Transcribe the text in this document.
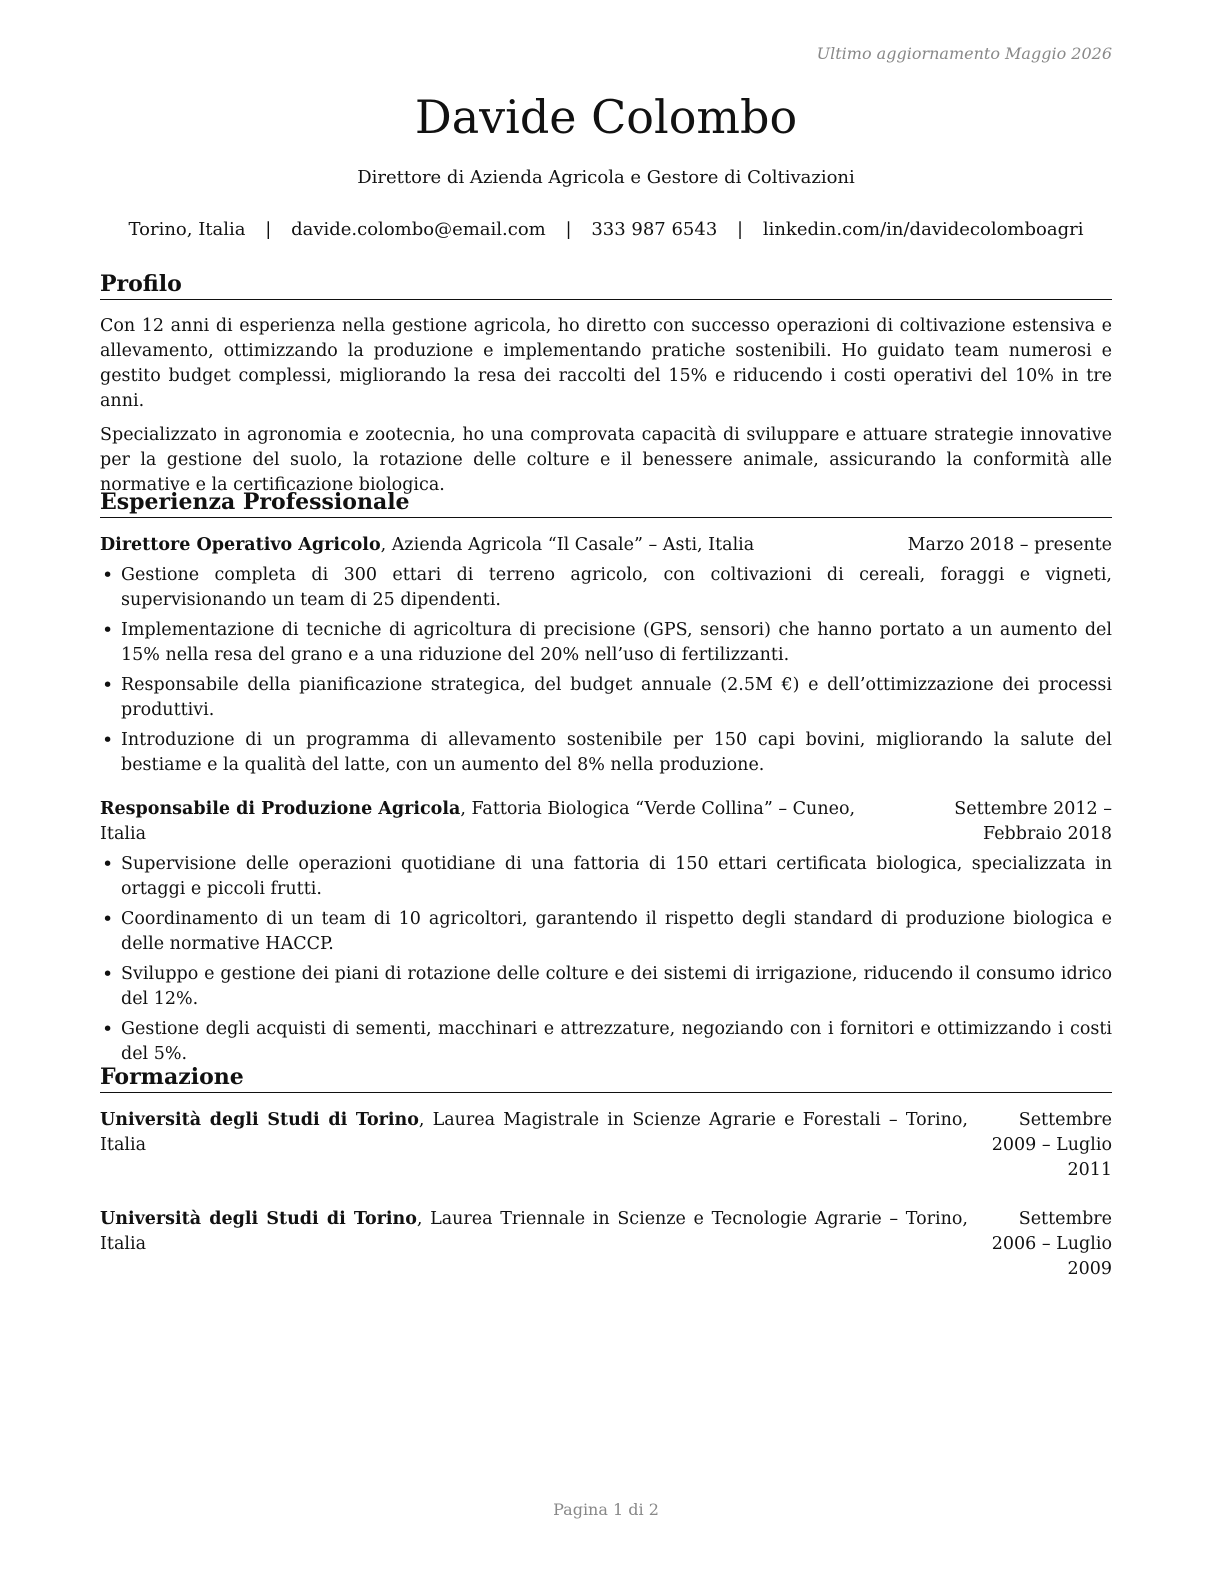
Ultimo aggiornamento Maggio 2026
Davide Colombo
Direttore di Azienda Agricola e Gestore di Coltivazioni
Torino, Italia | davide.colombo@email.com | 333 987 6543 | linkedin.com/in/davidecolomboagri
Profilo

Con 12 anni di esperienza nella gestione agricola, ho diretto con successo operazioni di coltivazione estensiva e allevamento, ottimizzando la produzione e implementando pratiche sostenibili. Ho guidato team numerosi e gestito budget complessi, migliorando la resa dei raccolti del 15% e riducendo i costi operativi del 10% in tre anni.

Specializzato in agronomia e zootecnia, ho una comprovata capacità di sviluppare e attuare strategie innovative per la gestione del suolo, la rotazione delle colture e il benessere animale, assicurando la conformità alle normative e la certificazione biologica.

Esperienza Professionale
Direttore Operativo Agricolo, Azienda Agricola “Il Casale” – Asti, Italia	Marzo 2018 – presente
• Gestione completa di 300 ettari di terreno agricolo, con coltivazioni di cereali, foraggi e vigneti, supervisionando un team di 25 dipendenti.
• Implementazione di tecniche di agricoltura di precisione (GPS, sensori) che hanno portato a un aumento del 15% nella resa del grano e a una riduzione del 20% nell’uso di fertilizzanti.
• Responsabile della pianificazione strategica, del budget annuale (2.5M €) e dell’ottimizzazione dei processi produttivi.
• Introduzione di un programma di allevamento sostenibile per 150 capi bovini, migliorando la salute del bestiame e la qualità del latte, con un aumento del 8% nella produzione.
Responsabile di Produzione Agricola, Fattoria Biologica “Verde Collina” – Cuneo, Italia
Settembre 2012 – Febbraio 2018
• Supervisione delle operazioni quotidiane di una fattoria di 150 ettari certificata biologica, specializzata in ortaggi e piccoli frutti.
• Coordinamento di un team di 10 agricoltori, garantendo il rispetto degli standard di produzione biologica e delle normative HACCP.
• Sviluppo e gestione dei piani di rotazione delle colture e dei sistemi di irrigazione, riducendo il consumo idrico del 12%.
• Gestione degli acquisti di sementi, macchinari e attrezzature, negoziando con i fornitori e ottimizzando i costi del 5%.
Formazione
Università degli Studi di Torino, Laurea Magistrale in Scienze Agrarie e Forestali – Torino, Italia
Settembre 2009 – Luglio 2011
Università degli Studi di Torino, Laurea Triennale in Scienze e Tecnologie Agrarie – Torino, Italia
Settembre 2006 – Luglio 2009
Pagina 1 di 2
